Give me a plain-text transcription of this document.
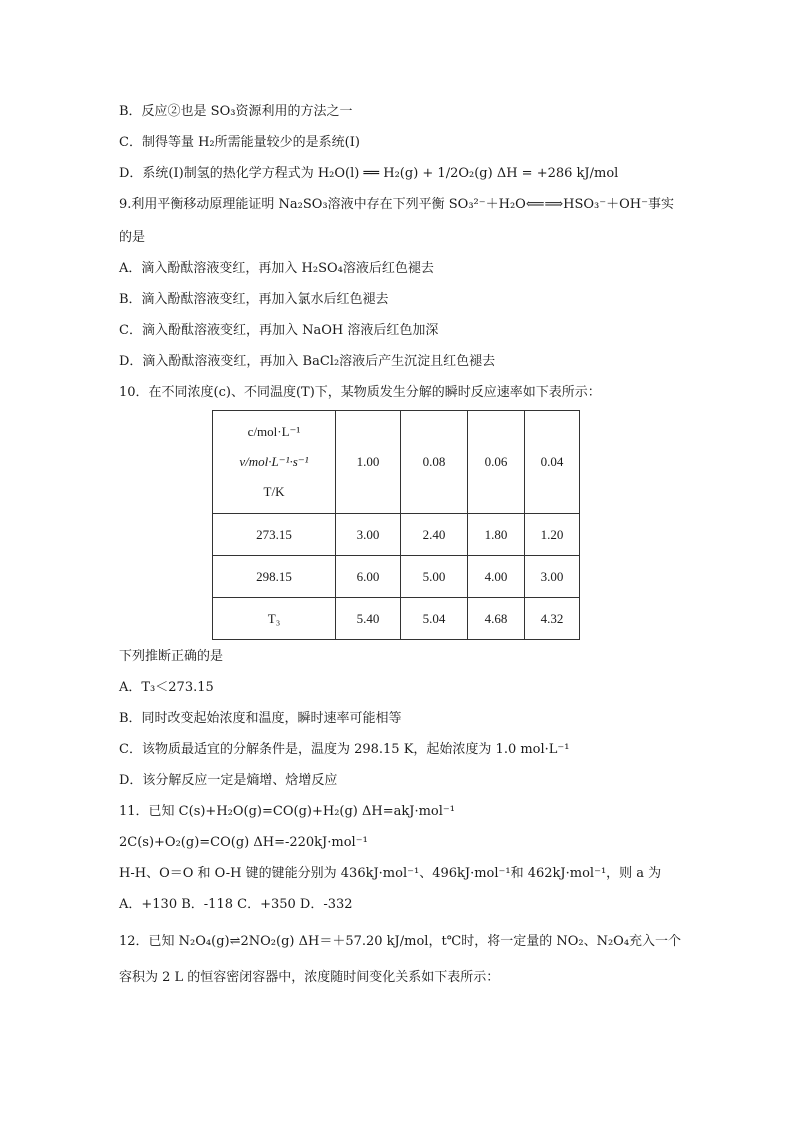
B．反应②也是 SO₃资源利用的方法之一
C．制得等量 H₂所需能量较少的是系统(I)
D．系统(I)制氢的热化学方程式为 H₂O(l) ══ H₂(g) + 1/2O₂(g) ΔH = +286 kJ/mol
9.利用平衡移动原理能证明 Na₂SO₃溶液中存在下列平衡 SO₃²⁻＋H₂O⟸⟹HSO₃⁻＋OH⁻事实
的是
A．滴入酚酞溶液变红，再加入 H₂SO₄溶液后红色褪去
B．滴入酚酞溶液变红，再加入氯水后红色褪去
C．滴入酚酞溶液变红，再加入 NaOH 溶液后红色加深
D．滴入酚酞溶液变红，再加入 BaCl₂溶液后产生沉淀且红色褪去
10．在不同浓度(c)、不同温度(T)下，某物质发生分解的瞬时反应速率如下表所示：
c/mol·L⁻¹
v/mol·L⁻¹·s⁻¹
T/K	1.00	0.08	0.06	0.04
273.15	3.00	2.40	1.80	1.20
298.15	6.00	5.00	4.00	3.00
T₃	5.40	5.04	4.68	4.32
下列推断正确的是
A．T₃＜273.15
B．同时改变起始浓度和温度，瞬时速率可能相等
C．该物质最适宜的分解条件是，温度为 298.15 K，起始浓度为 1.0 mol·L⁻¹
D．该分解反应一定是熵增、焓增反应
11．已知 C(s)+H₂O(g)=CO(g)+H₂(g) ΔH=akJ·mol⁻¹
2C(s)+O₂(g)=CO(g) ΔH=-220kJ·mol⁻¹
H-H、O＝O 和 O-H 键的键能分别为 436kJ·mol⁻¹、496kJ·mol⁻¹和 462kJ·mol⁻¹，则 a 为
A．+130 B．-118 C．+350 D．-332
12．已知 N₂O₄(g)⇌2NO₂(g) ΔH＝＋57.20 kJ/mol，t℃时，将一定量的 NO₂、N₂O₄充入一个
容积为 2 L 的恒容密闭容器中，浓度随时间变化关系如下表所示：
